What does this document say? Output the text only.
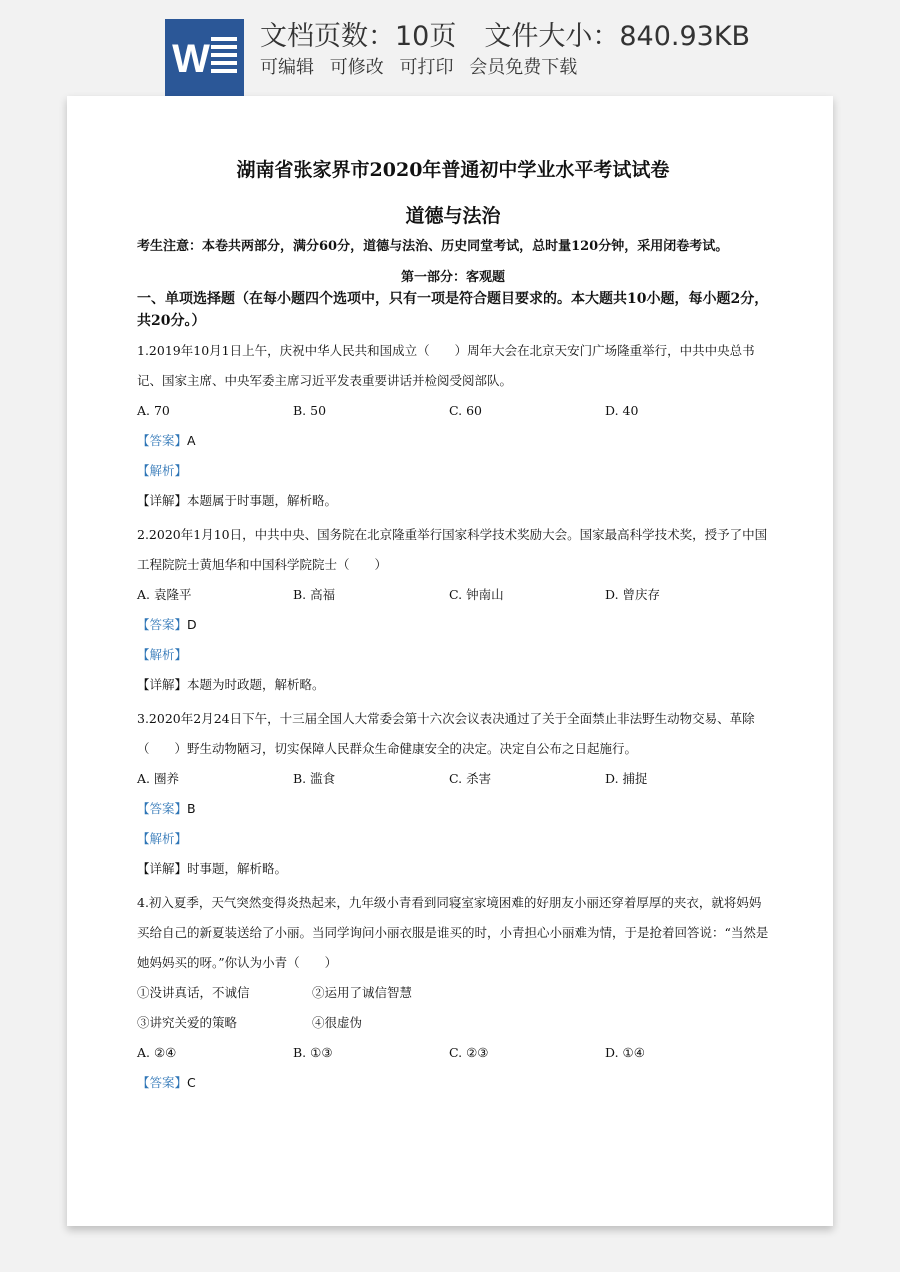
W
文档页数：10页 文件大小：840.93KB
可编辑 可修改 可打印 会员免费下载
湖南省张家界市2020年普通初中学业水平考试试卷
道德与法治
考生注意：本卷共两部分，满分60分，道德与法治、历史同堂考试，总时量120分钟，采用闭卷考试。
第一部分：客观题
一、单项选择题（在每小题四个选项中，只有一项是符合题目要求的。本大题共10小题，每小题2分，共20分。）
1.2019年10月1日上午，庆祝中华人民共和国成立（　　）周年大会在北京天安门广场隆重举行，中共中央总书记、国家主席、中央军委主席习近平发表重要讲话并检阅受阅部队。
A. 70	B. 50	C. 60	D. 40
【答案】A
【解析】
【详解】本题属于时事题，解析略。
2.2020年1月10日，中共中央、国务院在北京隆重举行国家科学技术奖励大会。国家最高科学技术奖，授予了中国工程院院士黄旭华和中国科学院院士（　　）
A. 袁隆平	B. 高福	C. 钟南山	D. 曾庆存
【答案】D
【解析】
【详解】本题为时政题，解析略。
3.2020年2月24日下午，十三届全国人大常委会第十六次会议表决通过了关于全面禁止非法野生动物交易、革除（　　）野生动物陋习，切实保障人民群众生命健康安全的决定。决定自公布之日起施行。
A. 圈养	B. 滥食	C. 杀害	D. 捕捉
【答案】B
【解析】
【详解】时事题，解析略。
4.初入夏季，天气突然变得炎热起来，九年级小青看到同寝室家境困难的好朋友小丽还穿着厚厚的夹衣，就将妈妈买给自己的新夏装送给了小丽。当同学询问小丽衣服是谁买的时，小青担心小丽难为情，于是抢着回答说：“当然是她妈妈买的呀。”你认为小青（　　）
①没讲真话，不诚信	②运用了诚信智慧
③讲究关爱的策略	④很虚伪
A. ②④	B. ①③	C. ②③	D. ①④
【答案】C
